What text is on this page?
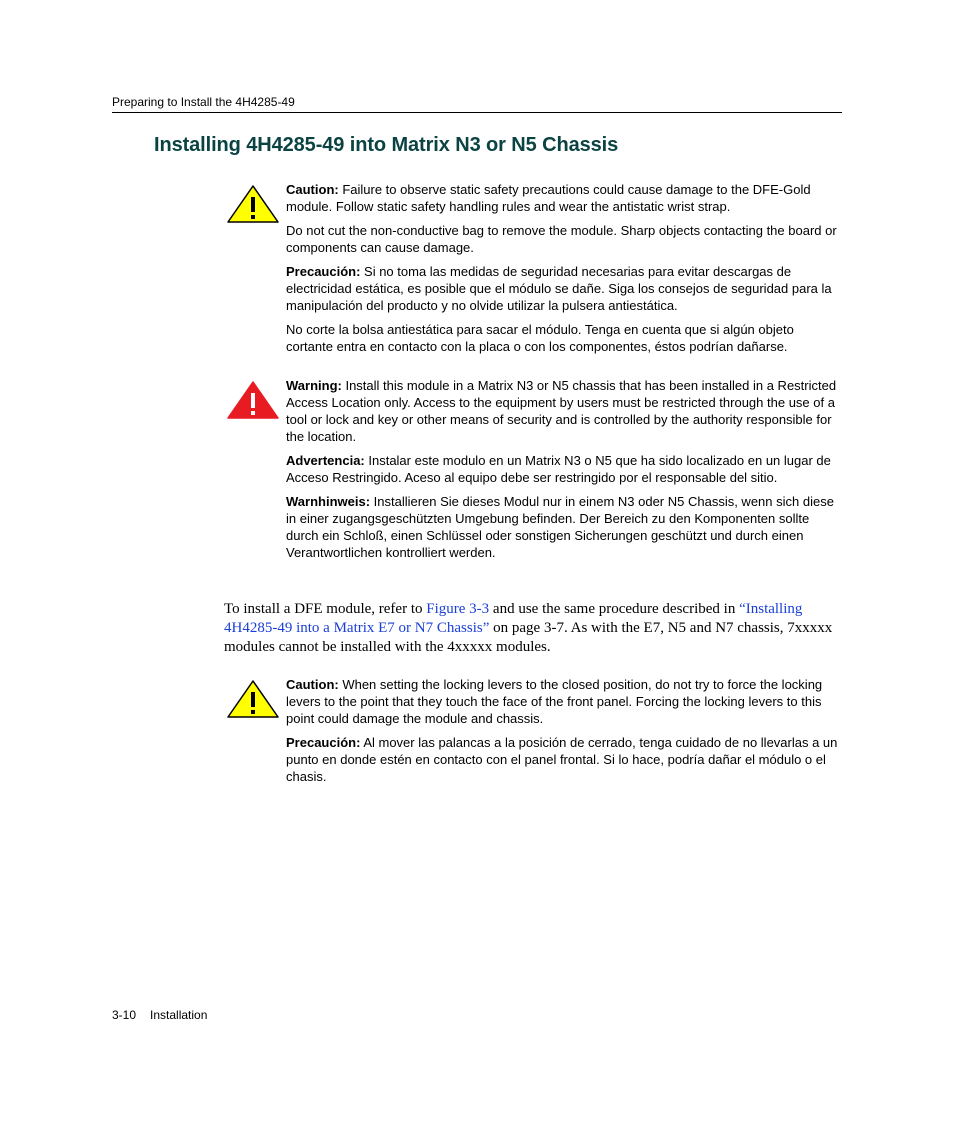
Preparing to Install the 4H4285-49
Installing 4H4285-49 into Matrix N3 or N5 Chassis

Caution: Failure to observe static safety precautions could cause damage to the DFE-Gold module. Follow static safety handling rules and wear the antistatic wrist strap.

Do not cut the non-conductive bag to remove the module. Sharp objects contacting the board or components can cause damage.

Precaución: Si no toma las medidas de seguridad necesarias para evitar descargas de electricidad estática, es posible que el módulo se dañe. Siga los consejos de seguridad para la manipulación del producto y no olvide utilizar la pulsera antiestática.

No corte la bolsa antiestática para sacar el módulo. Tenga en cuenta que si algún objeto cortante entra en contacto con la placa o con los componentes, éstos podrían dañarse.

Warning: Install this module in a Matrix N3 or N5 chassis that has been installed in a Restricted Access Location only. Access to the equipment by users must be restricted through the use of a tool or lock and key or other means of security and is controlled by the authority responsible for the location.

Advertencia: Instalar este modulo en un Matrix N3 o N5 que ha sido localizado en un lugar de Acceso Restringido. Aceso al equipo debe ser restringido por el responsable del sitio.

Warnhinweis: Installieren Sie dieses Modul nur in einem N3 oder N5 Chassis, wenn sich diese in einer zugangsgeschützten Umgebung befinden. Der Bereich zu den Komponenten sollte durch ein Schloß, einen Schlüssel oder sonstigen Sicherungen geschützt und durch einen Verantwortlichen kontrolliert werden.

To install a DFE module, refer to Figure 3-3 and use the same procedure described in “Installing 4H4285-49 into a Matrix E7 or N7 Chassis” on page 3-7. As with the E7, N5 and N7 chassis, 7xxxxx modules cannot be installed with the 4xxxxx modules.

Caution: When setting the locking levers to the closed position, do not try to force the locking levers to the point that they touch the face of the front panel. Forcing the locking levers to this point could damage the module and chassis.

Precaución: Al mover las palancas a la posición de cerrado, tenga cuidado de no llevarlas a un punto en donde estén en contacto con el panel frontal. Si lo hace, podría dañar el módulo o el chasis.

3-10 Installation
